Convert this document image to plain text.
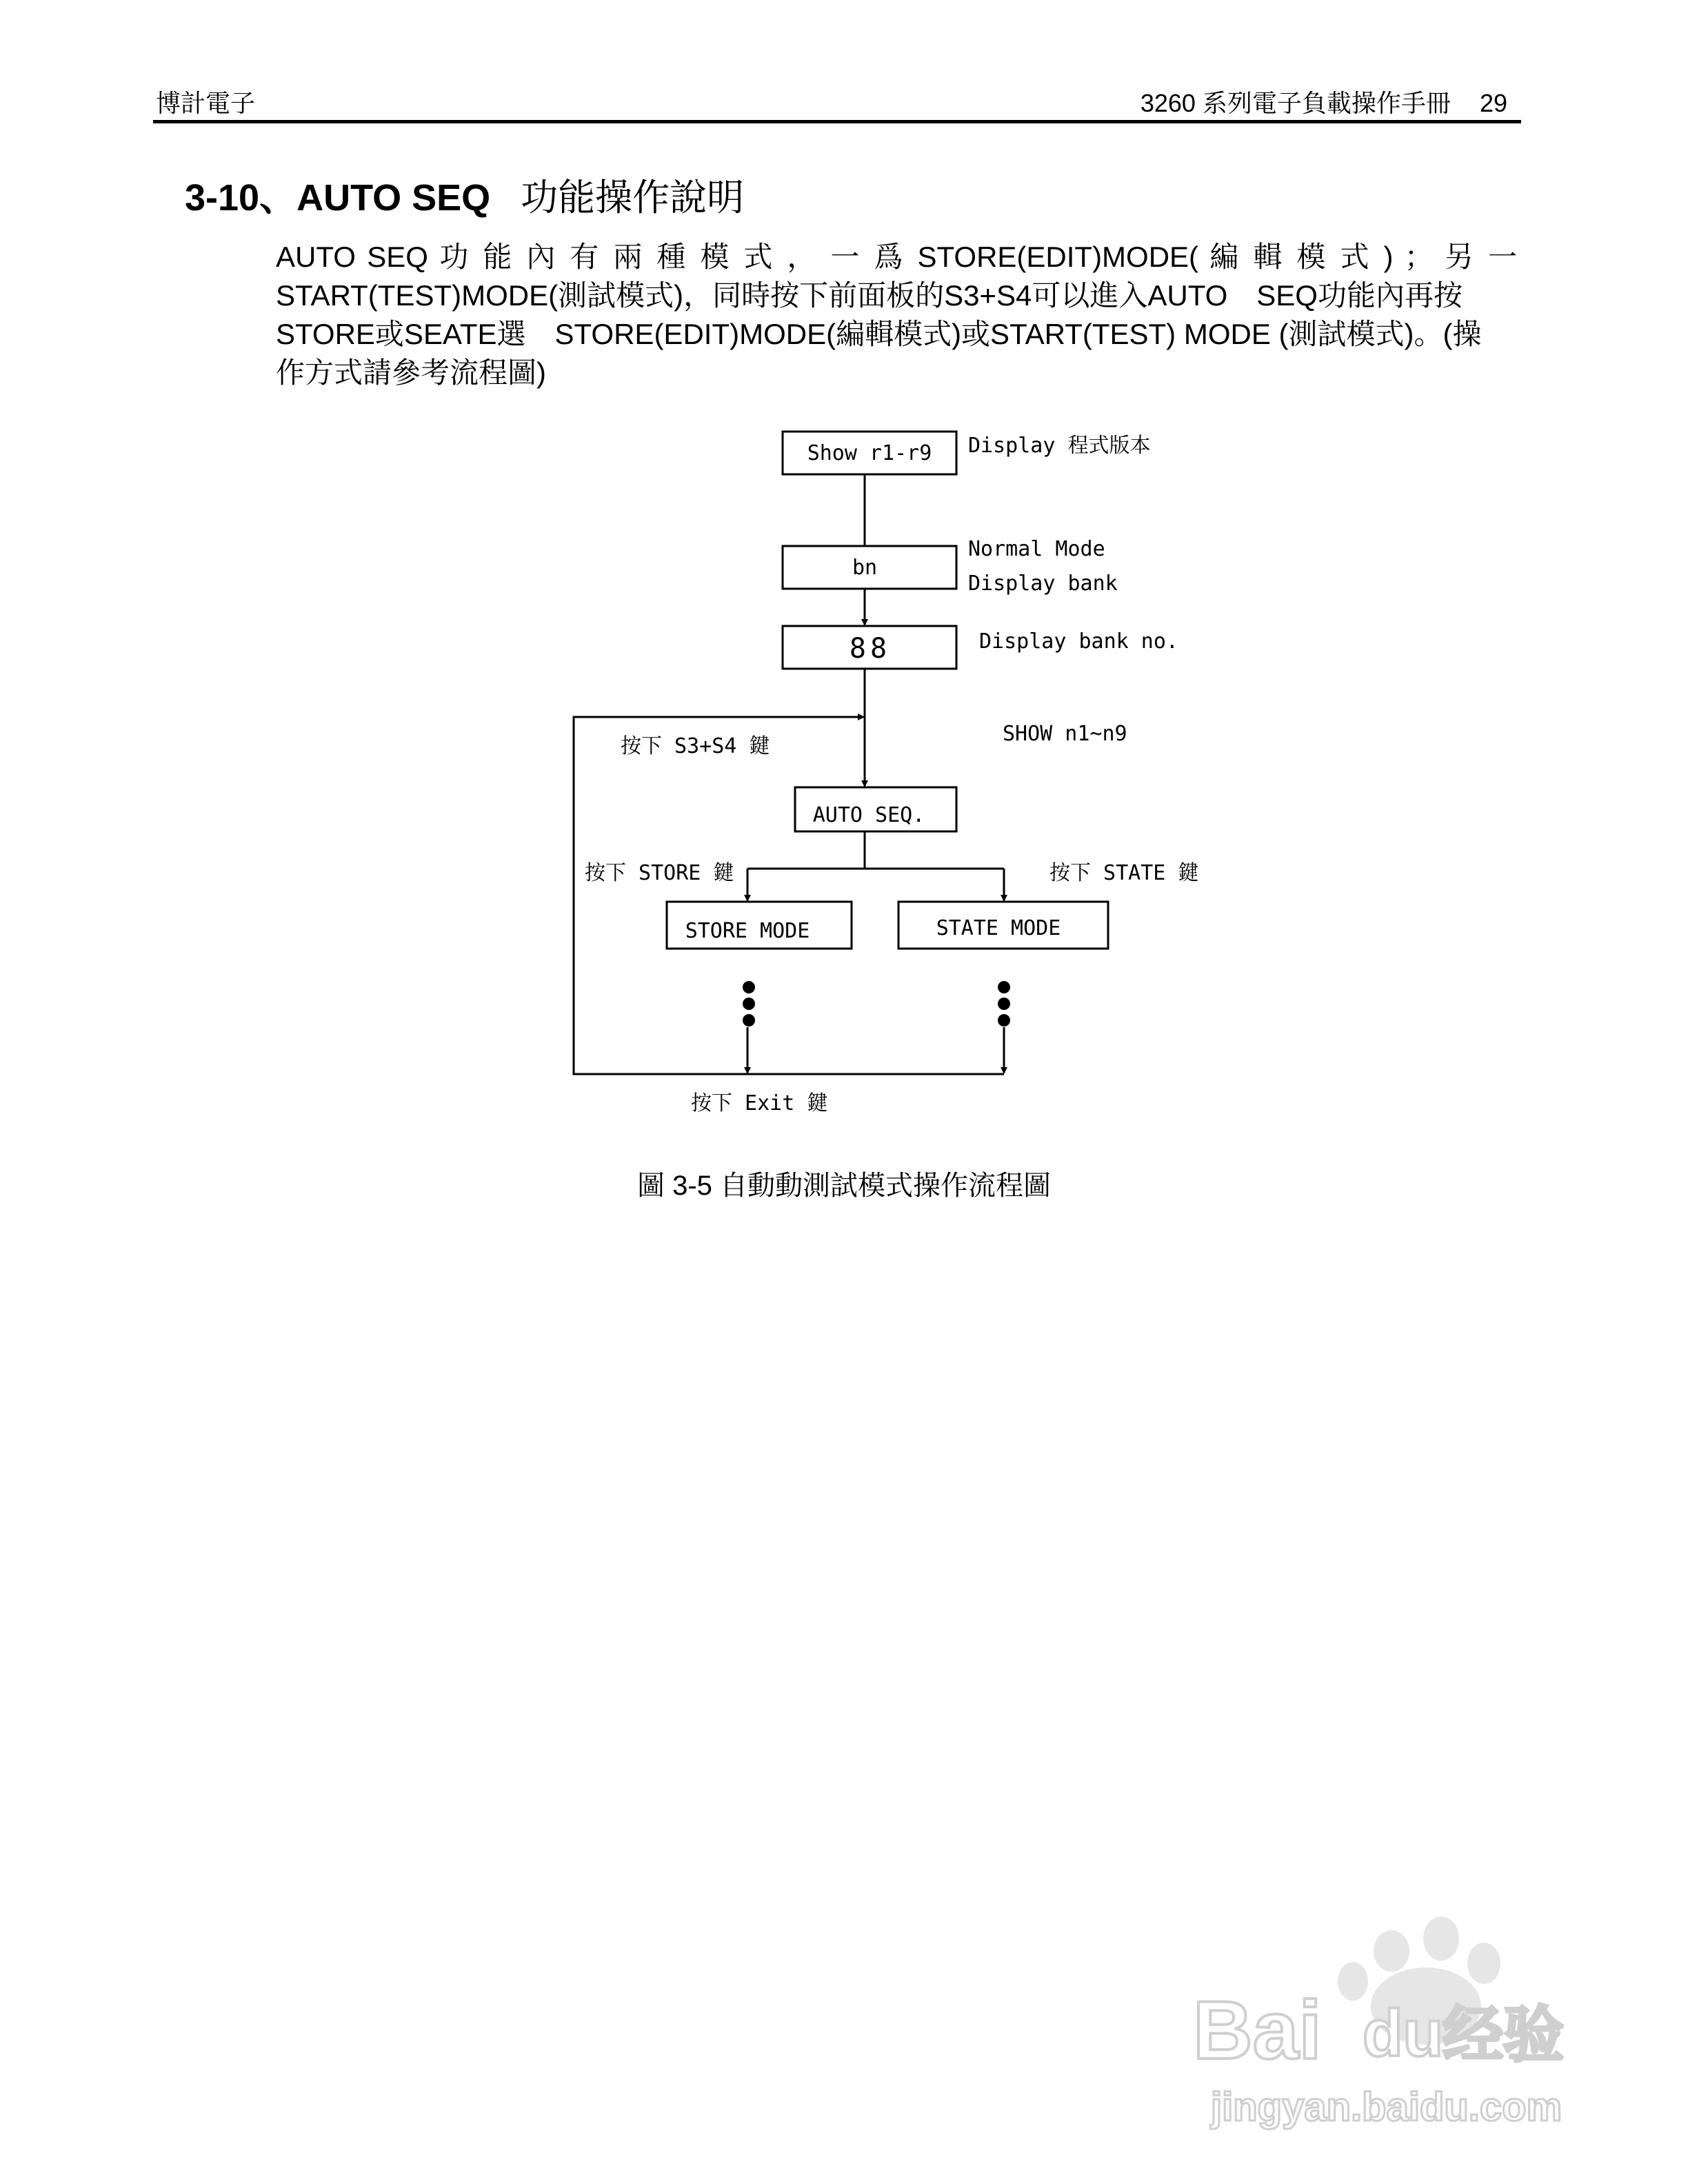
博計電子	3260 系列電子負載操作手冊 29
3-10、AUTO SEQ 功能操作說明
AUTO SEQ 功 能 內 有 兩 種 模 式 ， 一 爲 STORE(EDIT)MODE( 編 輯 模 式 ) ； 另 一
START(TEST)MODE(測試模式)，同時按下前面板的S3+S4可以進入AUTO　SEQ功能內再按
STORE或SEATE選　STORE(EDIT)MODE(編輯模式)或START(TEST) MODE (測試模式)。(操
作方式請參考流程圖)
Show r1-r9 Display 程式版本
bn
Normal Mode
Display bank
88	Display bank no.
SHOW n1~n9
按下 S3+S4 鍵
AUTO SEQ.
按下 STORE 鍵	按下 STATE 鍵
STORE MODE	STATE MODE
按下 Exit 鍵
圖 3-5 自動動測試模式操作流程圖
Bai du
经验
jingyan.baidu.com
